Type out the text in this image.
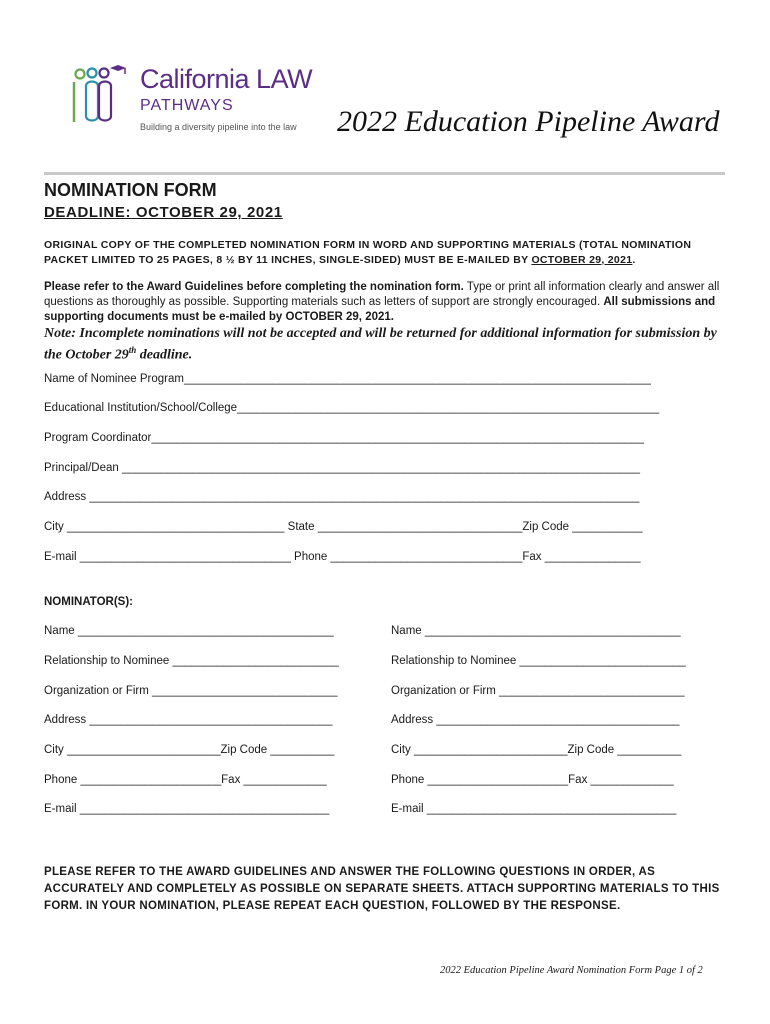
California LAW
PATHWAYS
Building a diversity pipeline into the law 2022 Education Pipeline Award
NOMINATION FORM
DEADLINE: OCTOBER 29, 2021
ORIGINAL COPY OF THE COMPLETED NOMINATION FORM IN WORD AND SUPPORTING MATERIALS (TOTAL NOMINATION PACKET LIMITED TO 25 PAGES, 8 ½ BY 11 INCHES, SINGLE-SIDED) MUST BE E-MAILED BY OCTOBER 29, 2021.
Please refer to the Award Guidelines before completing the nomination form. Type or print all information clearly and answer all questions as thoroughly as possible. Supporting materials such as letters of support are strongly encouraged. All submissions and supporting documents must be e-mailed by OCTOBER 29, 2021.
Note: Incomplete nominations will not be accepted and will be returned for additional information for submission by the October 29th deadline.
Name of Nominee Program_________________________________________________________________________
Educational Institution/School/College__________________________________________________________________
Program Coordinator_____________________________________________________________________________
Principal/Dean _________________________________________________________________________________
Address ______________________________________________________________________________________
City __________________________________ State ________________________________Zip Code ___________
E-mail _________________________________ Phone ______________________________Fax _______________
NOMINATOR(S):
Name ________________________________________
Relationship to Nominee __________________________
Organization or Firm _____________________________
Address ______________________________________
City ________________________Zip Code __________
Phone ______________________Fax _____________
E-mail _______________________________________
Name ________________________________________
Relationship to Nominee __________________________
Organization or Firm _____________________________
Address ______________________________________
City ________________________Zip Code __________
Phone ______________________Fax _____________
E-mail _______________________________________
PLEASE REFER TO THE AWARD GUIDELINES AND ANSWER THE FOLLOWING QUESTIONS IN ORDER, AS ACCURATELY AND COMPLETELY AS POSSIBLE ON SEPARATE SHEETS. ATTACH SUPPORTING MATERIALS TO THIS FORM. IN YOUR NOMINATION, PLEASE REPEAT EACH QUESTION, FOLLOWED BY THE RESPONSE.
2022 Education Pipeline Award Nomination Form Page 1 of 2
